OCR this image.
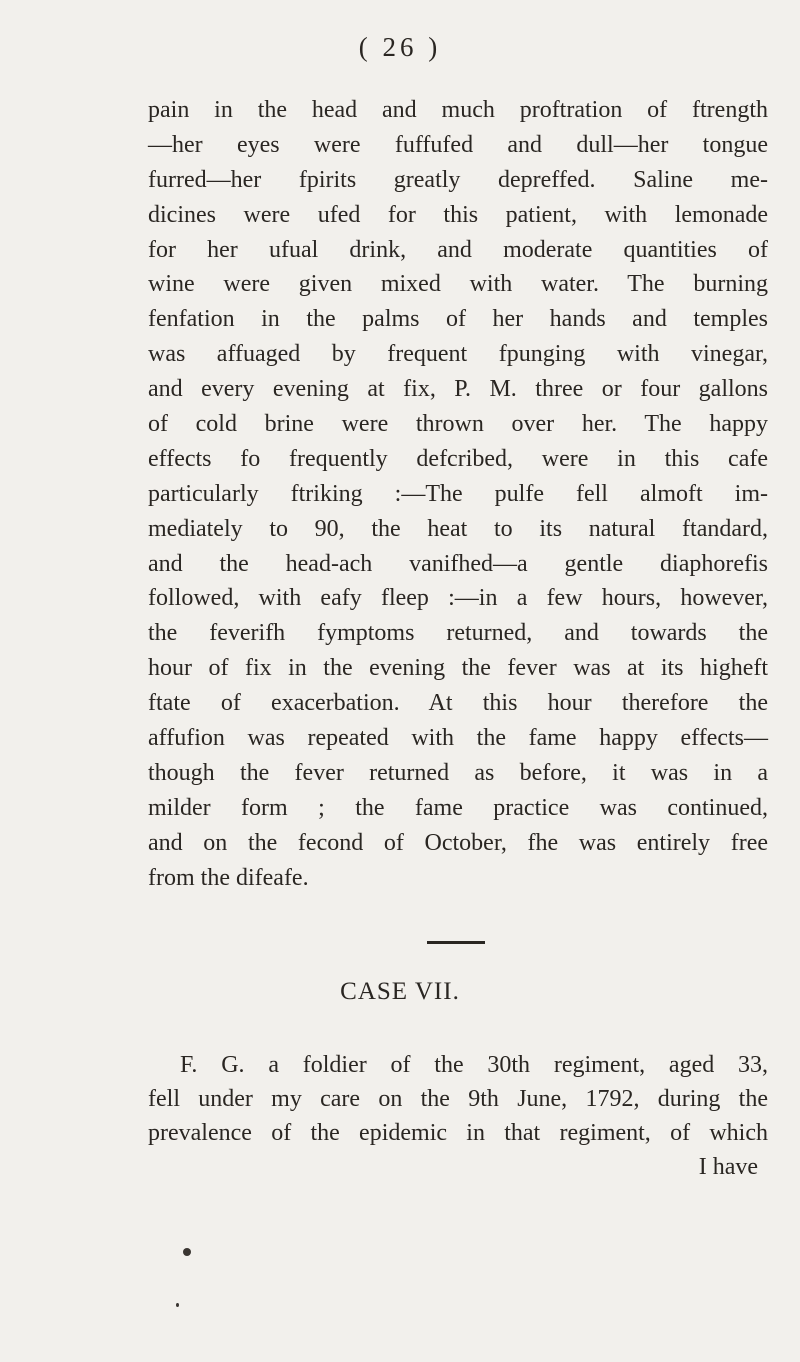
( 26 )
pain in the head and much proftration of ftrength
—her eyes were fuffufed and dull—her tongue
furred—her fpirits greatly depreffed. Saline me-
dicines were ufed for this patient, with lemonade
for her ufual drink, and moderate quantities of
wine were given mixed with water. The burning
fenfation in the palms of her hands and temples
was affuaged by frequent fpunging with vinegar,
and every evening at fix, P. M. three or four gallons
of cold brine were thrown over her. The happy
effects fo frequently defcribed, were in this cafe
particularly ftriking :—The pulfe fell almoft im-
mediately to 90, the heat to its natural ftandard,
and the head-ach vanifhed—a gentle diaphorefis
followed, with eafy fleep :—in a few hours, however,
the feverifh fymptoms returned, and towards the
hour of fix in the evening the fever was at its higheft
ftate of exacerbation. At this hour therefore the
affufion was repeated with the fame happy effects—
though the fever returned as before, it was in a
milder form ; the fame practice was continued,
and on the fecond of October, fhe was entirely free
from the difeafe.
CASE VII.
F. G. a foldier of the 30th regiment, aged 33,
fell under my care on the 9th June, 1792, during the
prevalence of the epidemic in that regiment, of which
I have
